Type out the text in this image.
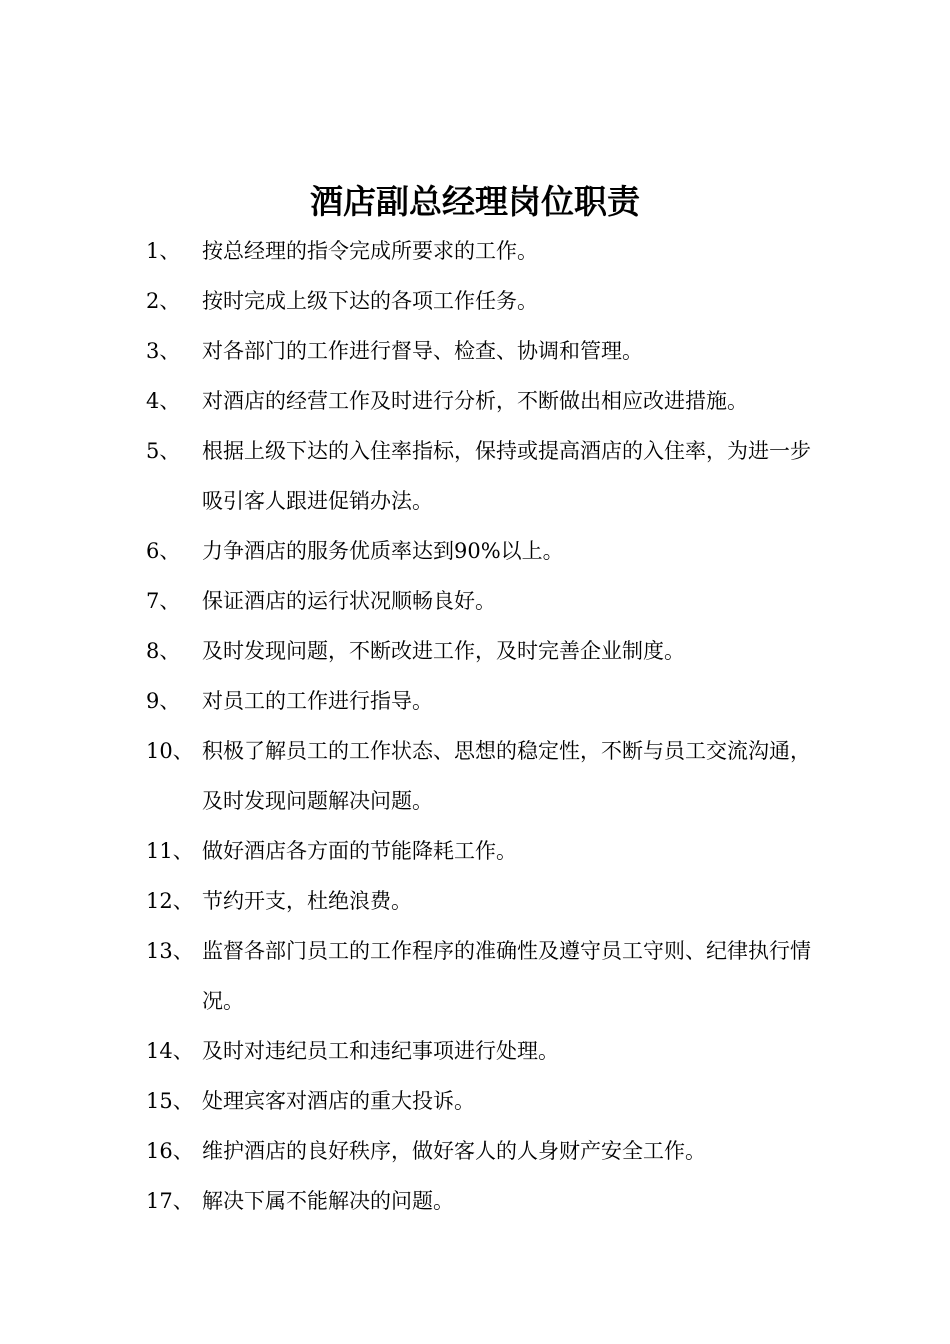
酒店副总经理岗位职责
1、	按总经理的指令完成所要求的工作。
2、	按时完成上级下达的各项工作任务。
3、	对各部门的工作进行督导、检查、协调和管理。
4、	对酒店的经营工作及时进行分析，不断做出相应改进措施。
5、	根据上级下达的入住率指标，保持或提高酒店的入住率，为进一步吸引客人跟进促销办法。
6、	力争酒店的服务优质率达到90%以上。
7、	保证酒店的运行状况顺畅良好。
8、	及时发现问题，不断改进工作，及时完善企业制度。
9、	对员工的工作进行指导。
10、 积极了解员工的工作状态、思想的稳定性，不断与员工交流沟通，及时发现问题解决问题。
11、 做好酒店各方面的节能降耗工作。
12、 节约开支，杜绝浪费。
13、 监督各部门员工的工作程序的准确性及遵守员工守则、纪律执行情况。
14、 及时对违纪员工和违纪事项进行处理。
15、 处理宾客对酒店的重大投诉。
16、 维护酒店的良好秩序，做好客人的人身财产安全工作。
17、 解决下属不能解决的问题。
